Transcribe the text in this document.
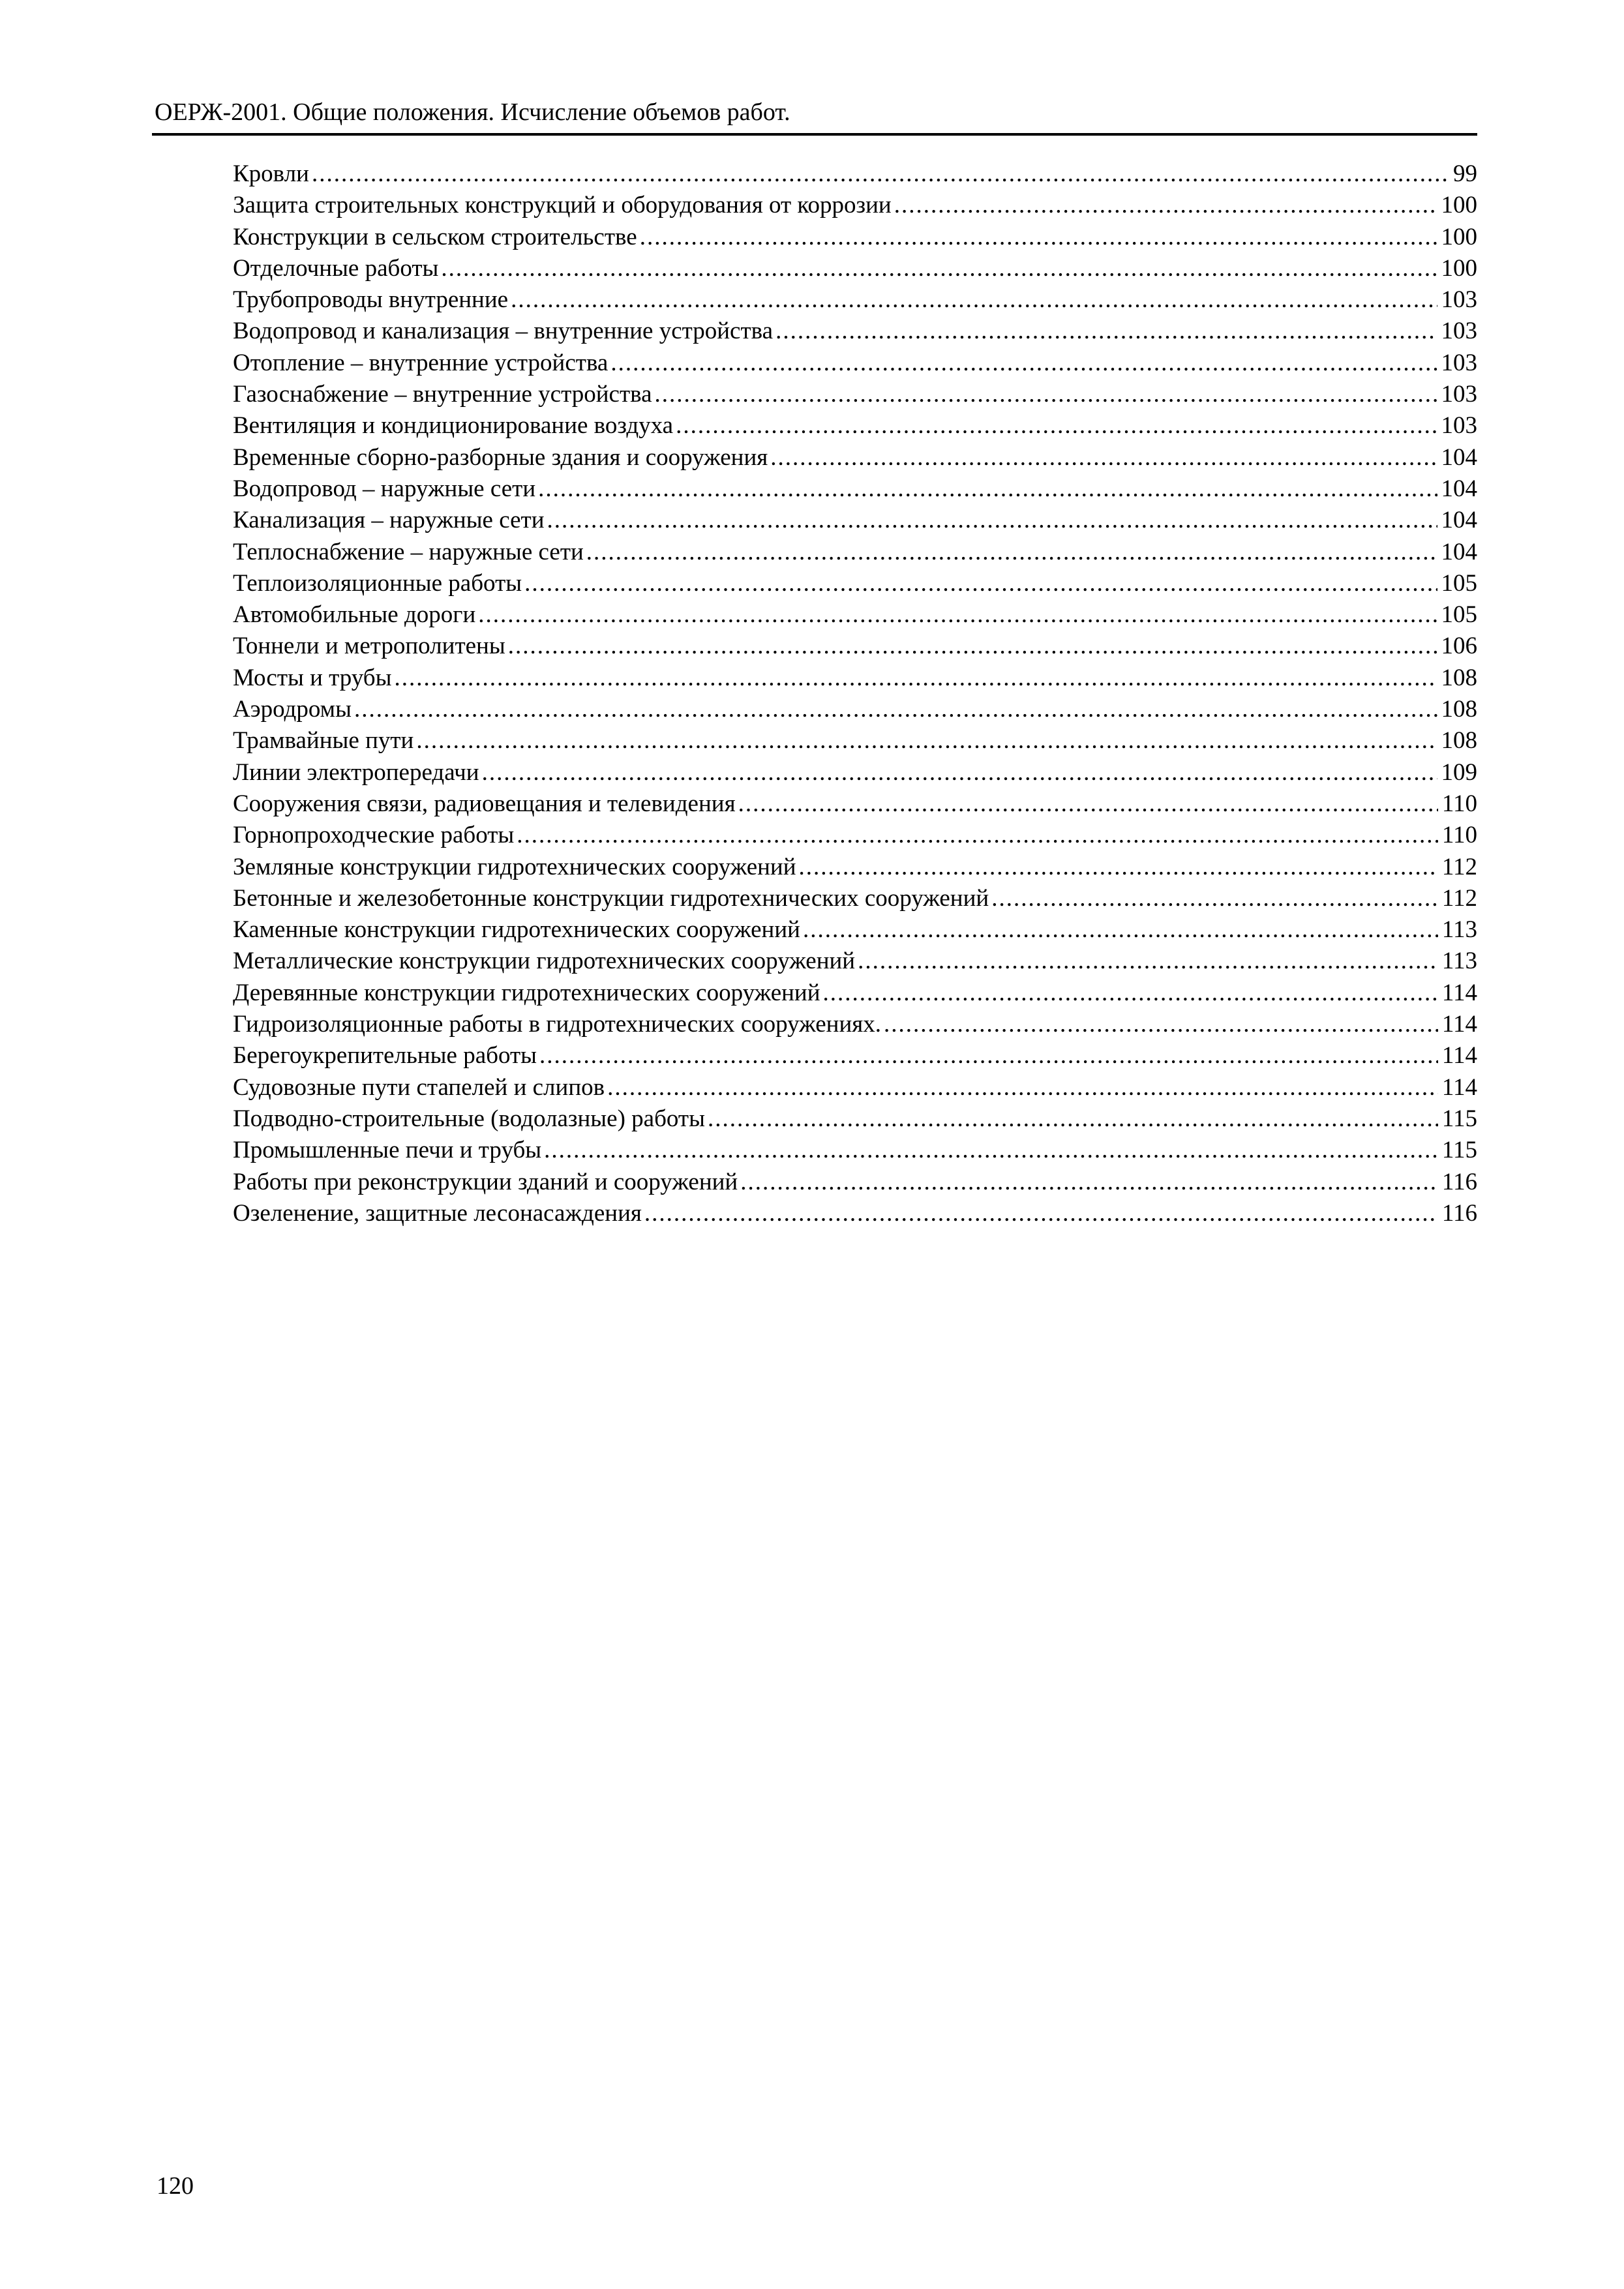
ОЕРЖ-2001. Общие положения. Исчисление объемов работ.
Кровли .....	99
Защита строительных конструкций и оборудования от коррозии .....	100
Конструкции в сельском строительстве .....	100
Отделочные работы .....	100
Трубопроводы внутренние .....	103
Водопровод и канализация – внутренние устройства .....	103
Отопление – внутренние устройства .....	103
Газоснабжение – внутренние устройства .....	103
Вентиляция и кондиционирование воздуха .....	103
Временные сборно-разборные здания и сооружения .....	104
Водопровод – наружные сети .....	104
Канализация – наружные сети .....	104
Теплоснабжение – наружные сети .....	104
Теплоизоляционные работы .....	105
Автомобильные дороги .....	105
Тоннели и метрополитены .....	106
Мосты и трубы .....	108
Аэродромы .....	108
Трамвайные пути .....	108
Линии электропередачи .....	109
Сооружения связи, радиовещания и телевидения .....	110
Горнопроходческие работы .....	110
Земляные конструкции гидротехнических сооружений .....	112
Бетонные и железобетонные конструкции гидротехнических сооружений .....	112
Каменные конструкции гидротехнических сооружений .....	113
Металлические конструкции гидротехнических сооружений .....	113
Деревянные конструкции гидротехнических сооружений .....	114
Гидроизоляционные работы в гидротехнических сооружениях. .....	114
Берегоукрепительные работы .....	114
Судовозные пути стапелей и слипов .....	114
Подводно-строительные (водолазные) работы .....	115
Промышленные печи и трубы .....	115
Работы при реконструкции зданий и сооружений .....	116
Озеленение, защитные лесонасаждения .....	116
120
